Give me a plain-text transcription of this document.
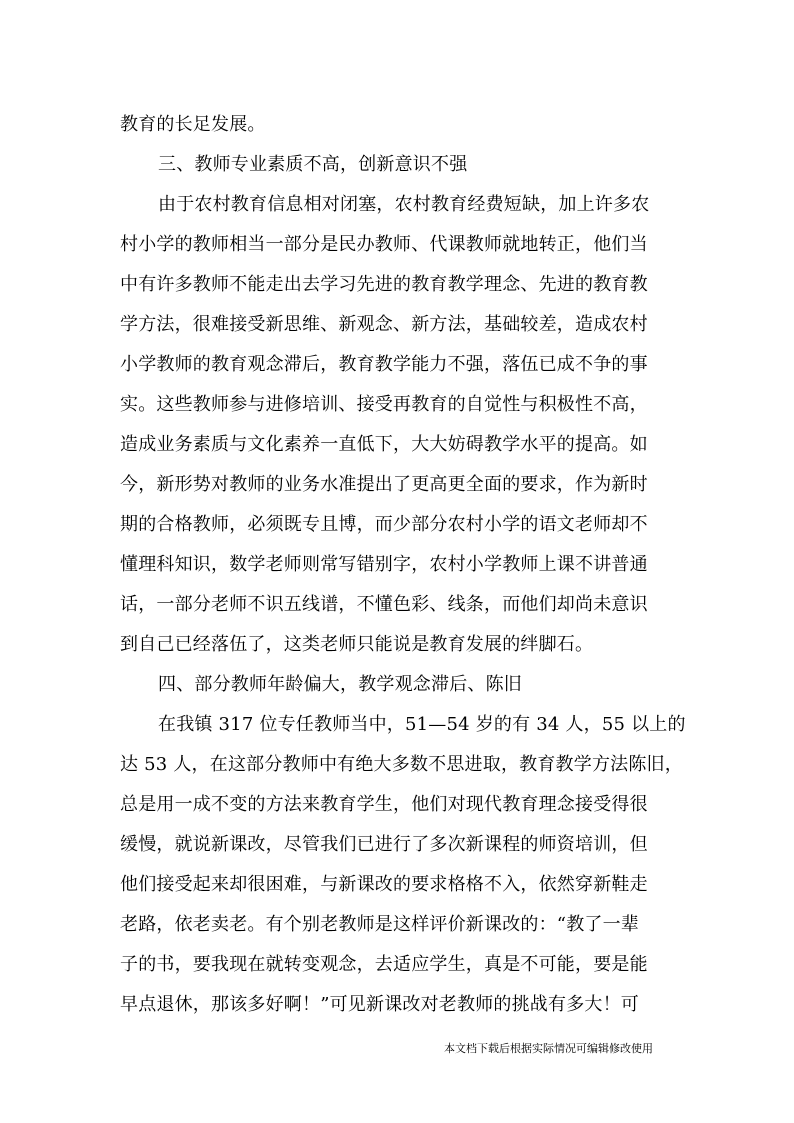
教育的长足发展。
三、教师专业素质不高，创新意识不强
由于农村教育信息相对闭塞，农村教育经费短缺，加上许多农
村小学的教师相当一部分是民办教师、代课教师就地转正，他们当
中有许多教师不能走出去学习先进的教育教学理念、先进的教育教
学方法，很难接受新思维、新观念、新方法，基础较差，造成农村
小学教师的教育观念滞后，教育教学能力不强，落伍已成不争的事
实。这些教师参与进修培训、接受再教育的自觉性与积极性不高，
造成业务素质与文化素养一直低下，大大妨碍教学水平的提高。如
今，新形势对教师的业务水准提出了更高更全面的要求，作为新时
期的合格教师，必须既专且博，而少部分农村小学的语文老师却不
懂理科知识，数学老师则常写错别字，农村小学教师上课不讲普通
话，一部分老师不识五线谱，不懂色彩、线条，而他们却尚未意识
到自己已经落伍了，这类老师只能说是教育发展的绊脚石。
四、部分教师年龄偏大，教学观念滞后、陈旧
在我镇 317 位专任教师当中，51—54 岁的有 34 人，55 以上的
达 53 人，在这部分教师中有绝大多数不思进取，教育教学方法陈旧，
总是用一成不变的方法来教育学生，他们对现代教育理念接受得很
缓慢，就说新课改，尽管我们已进行了多次新课程的师资培训，但
他们接受起来却很困难，与新课改的要求格格不入，依然穿新鞋走
老路，依老卖老。有个别老教师是这样评价新课改的：“教了一辈
子的书，要我现在就转变观念，去适应学生，真是不可能，要是能
早点退休，那该多好啊！”可见新课改对老教师的挑战有多大！可
本文档下载后根据实际情况可编辑修改使用
